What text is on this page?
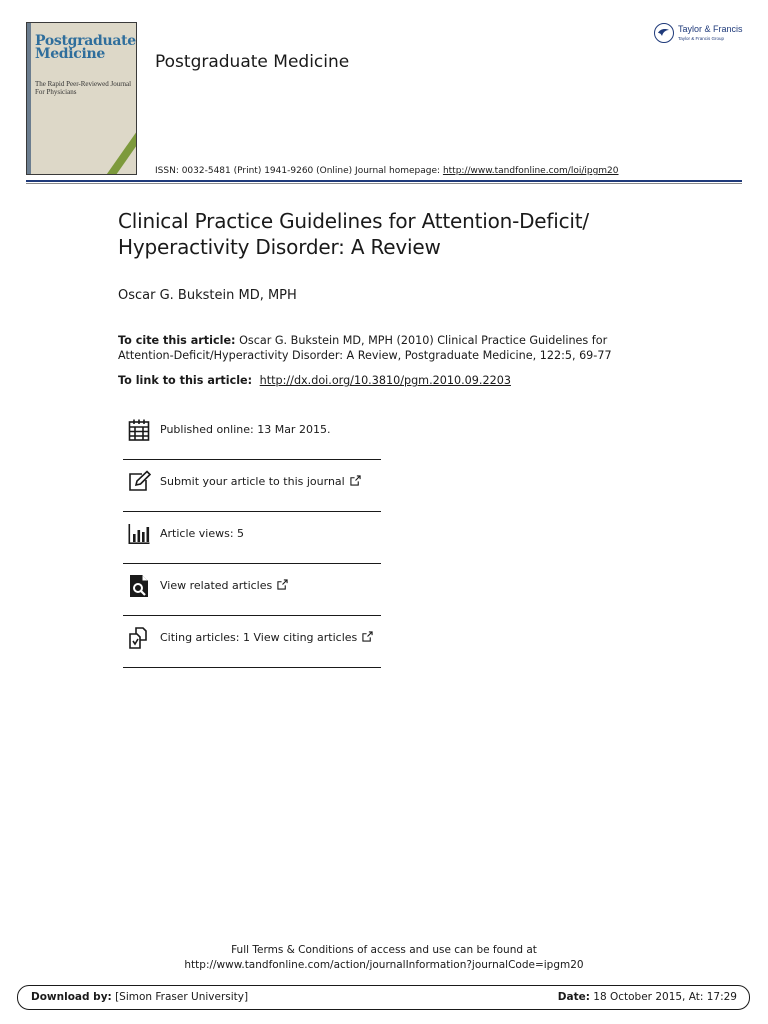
Postgraduate Medicine
The Rapid Peer-Reviewed Journal For Physicians
Postgraduate Medicine
Taylor & Francis
Taylor & Francis Group
ISSN: 0032-5481 (Print) 1941-9260 (Online) Journal homepage: http://www.tandfonline.com/loi/ipgm20
Clinical Practice Guidelines for Attention-Deficit/ Hyperactivity Disorder: A Review
Oscar G. Bukstein MD, MPH
To cite this article: Oscar G. Bukstein MD, MPH (2010) Clinical Practice Guidelines for Attention-Deficit/Hyperactivity Disorder: A Review, Postgraduate Medicine, 122:5, 69-77
To link to this article: http://dx.doi.org/10.3810/pgm.2010.09.2203
Published online: 13 Mar 2015.
Submit your article to this journal
Article views: 5
View related articles
Citing articles: 1 View citing articles
Full Terms & Conditions of access and use can be found at
http://www.tandfonline.com/action/journalInformation?journalCode=ipgm20
Download by: [Simon Fraser University]	Date: 18 October 2015, At: 17:29
